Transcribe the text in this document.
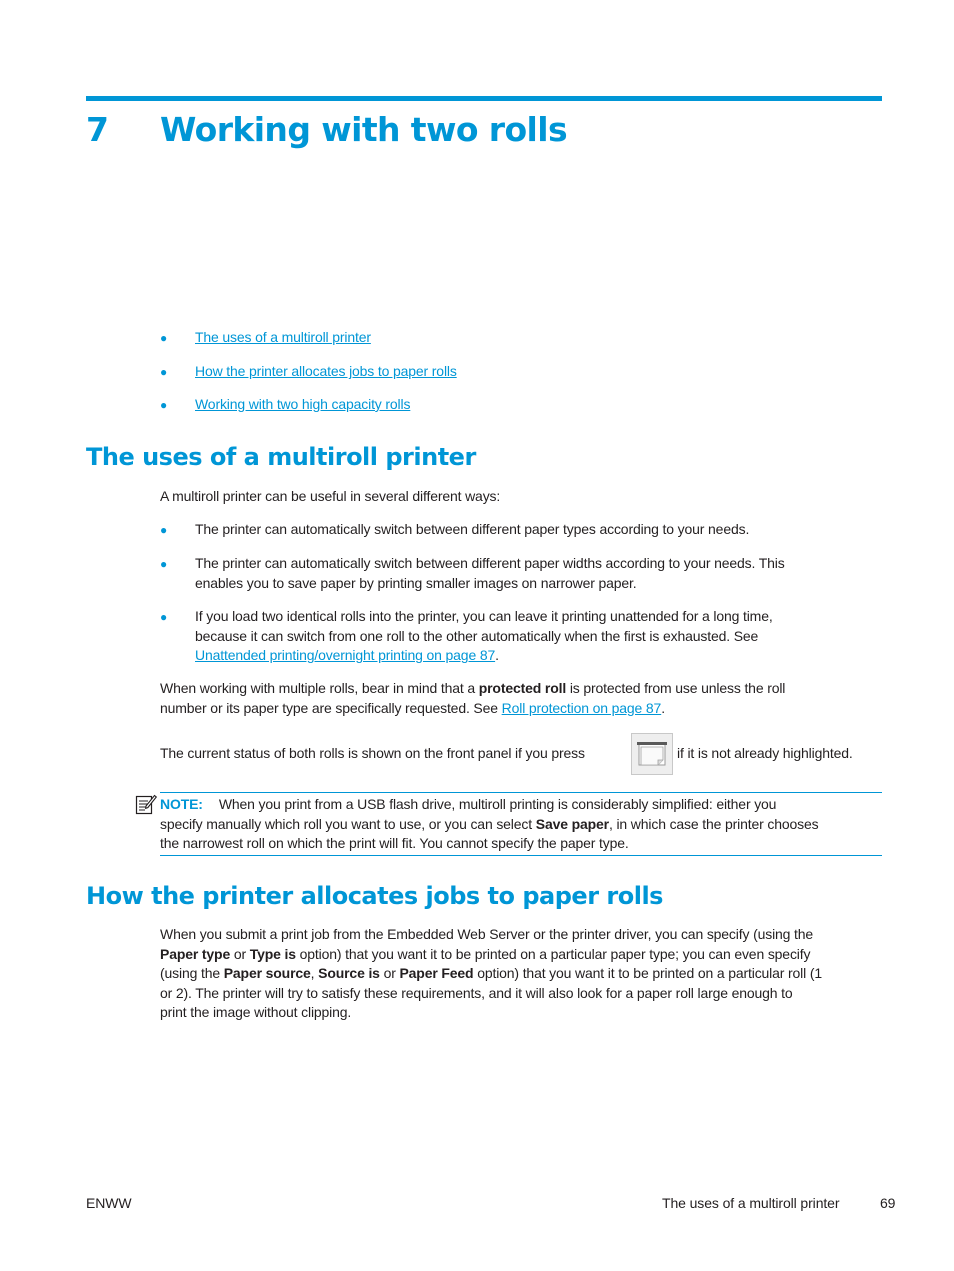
7 Working with two rolls
● The uses of a multiroll printer
● How the printer allocates jobs to paper rolls
● Working with two high capacity rolls
The uses of a multiroll printer
A multiroll printer can be useful in several different ways:
● The printer can automatically switch between different paper types according to your needs.
● The printer can automatically switch between different paper widths according to your needs. This
enables you to save paper by printing smaller images on narrower paper.
● If you load two identical rolls into the printer, you can leave it printing unattended for a long time,
because it can switch from one roll to the other automatically when the first is exhausted. See
Unattended printing/overnight printing on page 87.
When working with multiple rolls, bear in mind that a protected roll is protected from use unless the roll
number or its paper type are specifically requested. See Roll protection on page 87.
The current status of both rolls is shown on the front panel if you press	if it is not already highlighted.
NOTE: When you print from a USB flash drive, multiroll printing is considerably simplified: either you
specify manually which roll you want to use, or you can select Save paper, in which case the printer chooses
the narrowest roll on which the print will fit. You cannot specify the paper type.
How the printer allocates jobs to paper rolls
When you submit a print job from the Embedded Web Server or the printer driver, you can specify (using the
Paper type or Type is option) that you want it to be printed on a particular paper type; you can even specify
(using the Paper source, Source is or Paper Feed option) that you want it to be printed on a particular roll (1
or 2). The printer will try to satisfy these requirements, and it will also look for a paper roll large enough to
print the image without clipping.
ENWW	The uses of a multiroll printer	69
